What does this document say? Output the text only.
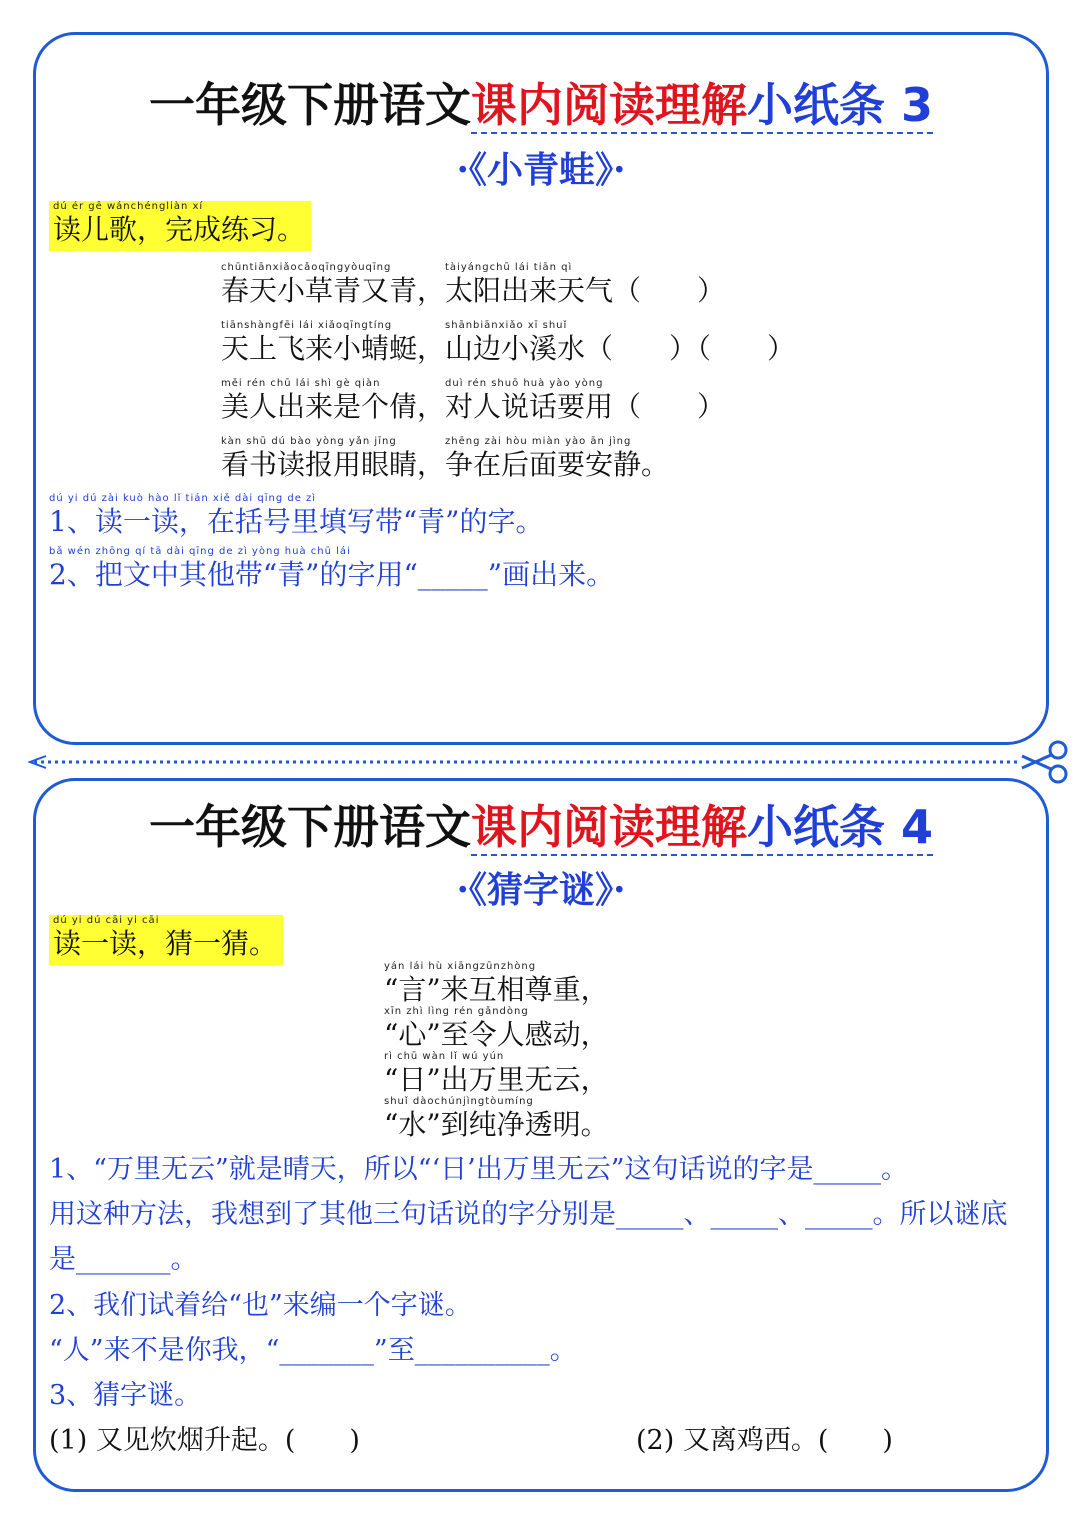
一年级下册语文课内阅读理解小纸条 3
·《小青蛙》·
dú ér gē wánchéngliàn xí
读儿歌，完成练习。
chūntiānxiǎocǎoqīngyòuqīng
春天小草青又青，
tàiyángchū lái tiān qì
太阳出来天气（　　）
tiānshàngfēi lái xiǎoqīngtíng
天上飞来小蜻蜓，
shānbiānxiǎo xī shuǐ
山边小溪水（　　）（　　）
měi rén chū lái shì gè qiàn
美人出来是个倩，
duì rén shuō huà yào yòng
对人说话要用（　　）
kàn shū dú bào yòng yǎn jīng
看书读报用眼睛，
zhēng zài hòu miàn yào ān jìng
争在后面要安静。
dú yi dú zài kuò hào lǐ tián xiě dài qīng de zì
1、读一读，在括号里填写带“青”的字。
bǎ wén zhōng qí tā dài qīng de zì yòng huà chū lái
2、把文中其他带“青”的字用“_____”画出来。
一年级下册语文课内阅读理解小纸条 4
·《猜字谜》·
dú yi dú cāi yi cāi
读一读，猜一猜。
yán lái hù xiāngzūnzhòng
“言”来互相尊重，
xīn zhì lìng rén gǎndòng
“心”至令人感动，
rì chū wàn lǐ wú yún
“日”出万里无云，
shuǐ dàochúnjìngtòumíng
“水”到纯净透明。
1、“万里无云”就是晴天，所以“‘日’出万里无云”这句话说的字是_____。
用这种方法，我想到了其他三句话说的字分别是_____、_____、_____。所以谜底
是_______。
2、我们试着给“也”来编一个字谜。
“人”来不是你我，“_______”至__________。
3、猜字谜。
(1) 又见炊烟升起。(　　)	(2) 又离鸡西。(　　)
